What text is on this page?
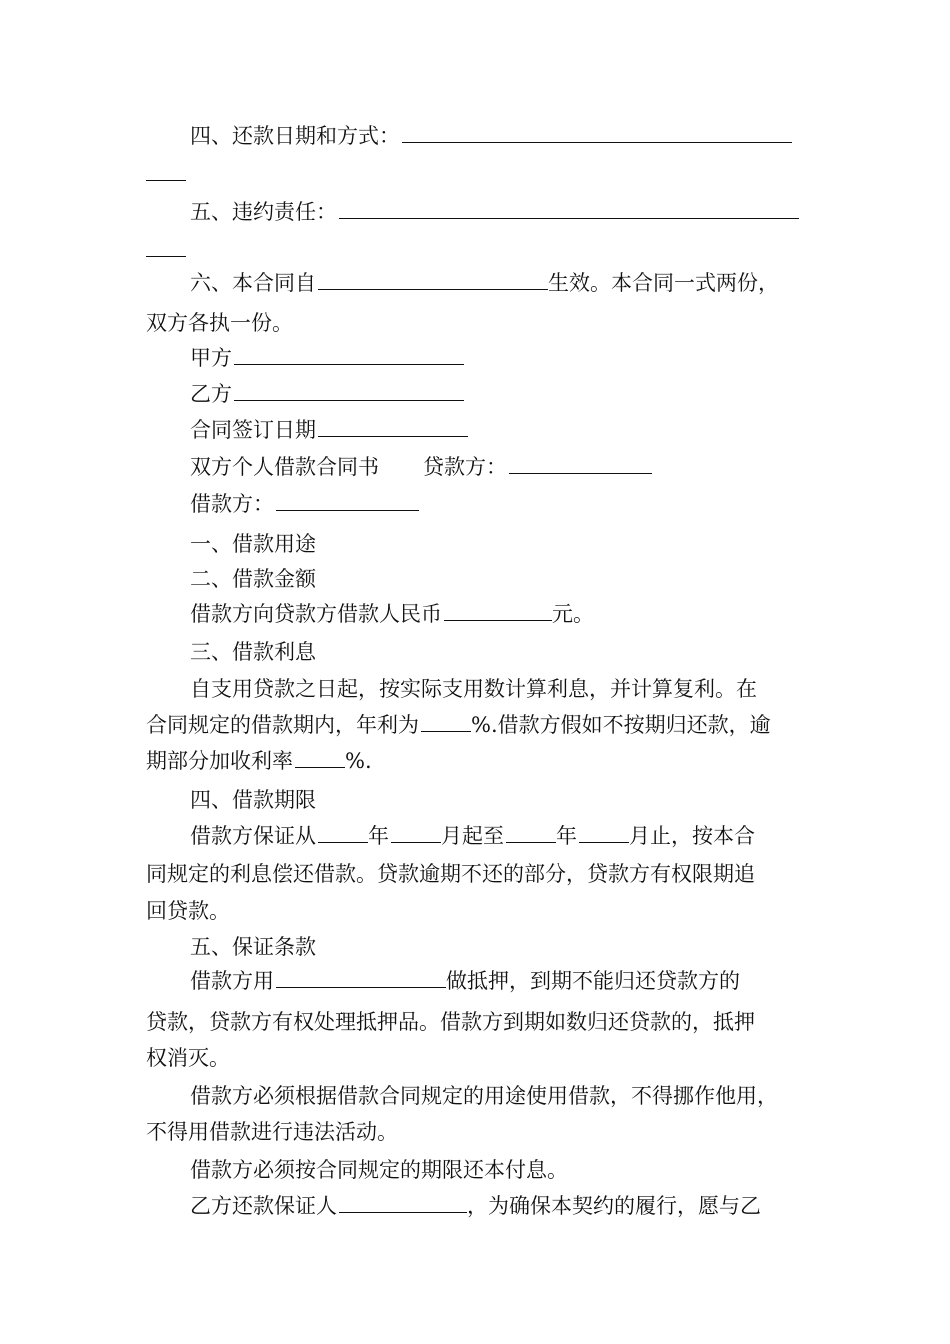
四、还款日期和方式：
五、违约责任：
六、本合同自	生效。本合同一式两份，
双方各执一份。
甲方
乙方
合同签订日期
双方个人借款合同书 贷款方：
借款方：
一、借款用途
二、借款金额
借款方向贷款方借款人民币	元。
三、借款利息
自支用贷款之日起，按实际支用数计算利息，并计算复利。在
合同规定的借款期内，年利为 %.借款方假如不按期归还款，逾
期部分加收利率 %.
四、借款期限
借款方保证从 年 月起至 年 月止，按本合
同规定的利息偿还借款。贷款逾期不还的部分，贷款方有权限期追
回贷款。
五、保证条款
借款方用	做抵押，到期不能归还贷款方的
贷款，贷款方有权处理抵押品。借款方到期如数归还贷款的，抵押
权消灭。
借款方必须根据借款合同规定的用途使用借款，不得挪作他用，
不得用借款进行违法活动。
借款方必须按合同规定的期限还本付息。
乙方还款保证人	，为确保本契约的履行，愿与乙
